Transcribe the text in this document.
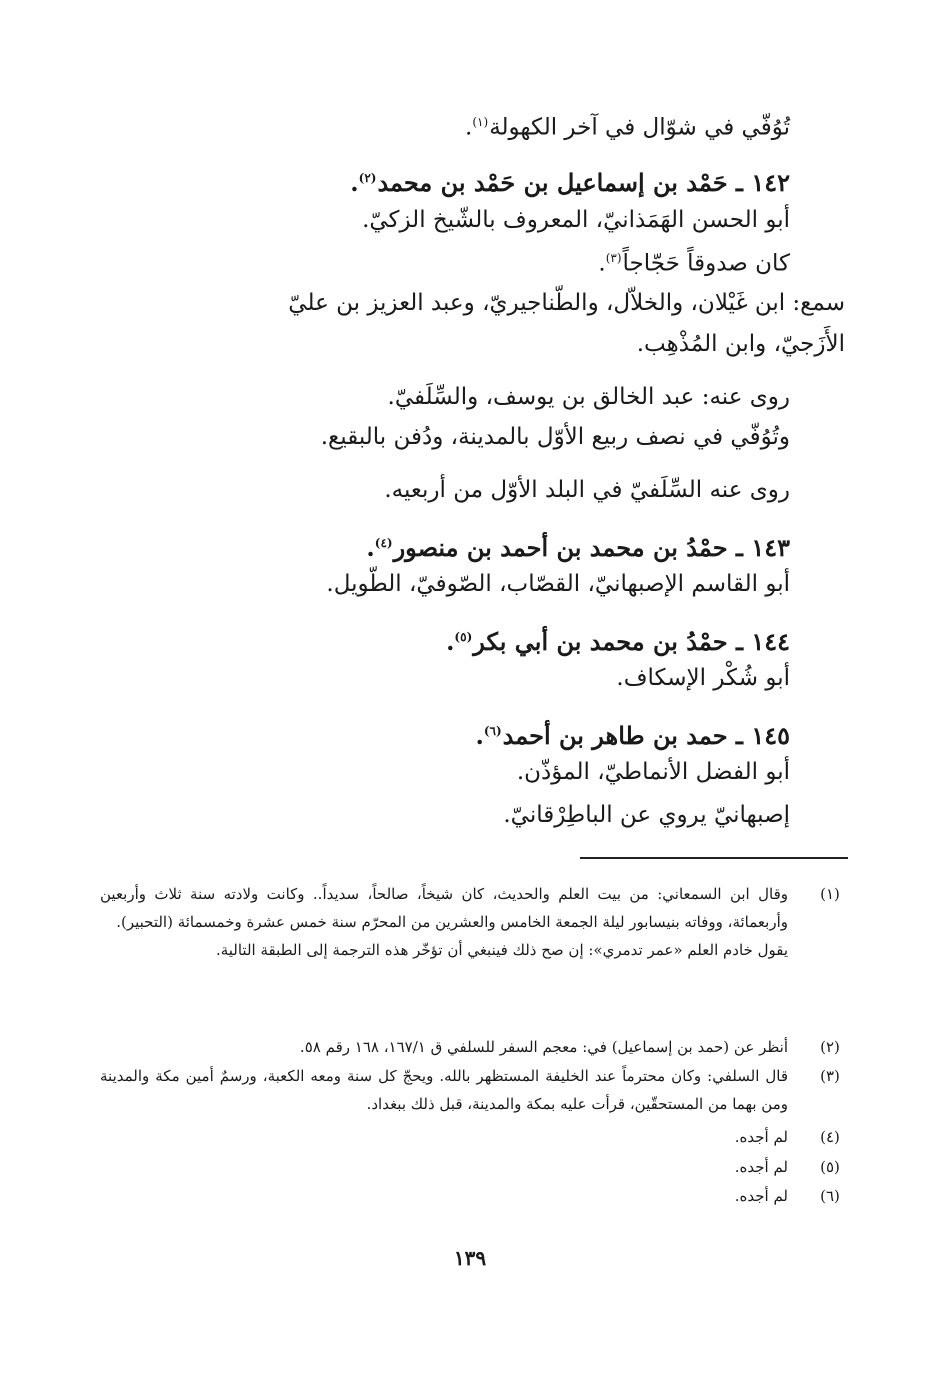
تُوُفّي في شوّال في آخر الكهولة$^{(١)}$.
١٤٢ ـ حَمْد بن إسماعيل بن حَمْد بن محمد$^{(٢)}$.
أبو الحسن الهَمَذانيّ، المعروف بالشّيخ الزكيّ.
كان صدوقاً حَجّاجاً$^{(٣)}$.
سمع: ابن غَيْلان، والخلاّل، والطّناجيريّ، وعبد العزيز بن عليّ
الأَزَجيّ، وابن المُذْهِب.
روى عنه: عبد الخالق بن يوسف، والسِّلَفيّ.
وتُوُفّي في نصف ربيع الأوّل بالمدينة، ودُفن بالبقيع.
روى عنه السِّلَفيّ في البلد الأوّل من أربعيه.
١٤٣ ـ حمْدُ بن محمد بن أحمد بن منصور$^{(٤)}$.
أبو القاسم الإصبهانيّ، القصّاب، الصّوفيّ، الطّويل.
١٤٤ ـ حمْدُ بن محمد بن أبي بكر$^{(٥)}$.
أبو شُكْر الإسكاف.
١٤٥ ـ حمد بن طاهر بن أحمد$^{(٦)}$.
أبو الفضل الأنماطيّ، المؤذّن.
إصبهانيّ يروي عن الباطِرْقانيّ.
(١)
وقال ابن السمعاني: من بيت العلم والحديث، كان شيخاً، صالحاً، سديداً.. وكانت ولادته سنة ثلاث وأربعين وأربعمائة، ووفاته بنيسابور ليلة الجمعة الخامس والعشرين من المحرّم سنة خمس عشرة وخمسمائة (التحبير).
يقول خادم العلم «عمر تدمري»: إن صح ذلك فينبغي أن تؤخّر هذه الترجمة إلى الطبقة التالية.
(٢)
أنظر عن (حمد بن إسماعيل) في: معجم السفر للسلفي ق ١٦٧/١، ١٦٨ رقم ٥٨.
(٣)
قال السلفي: وكان محترماً عند الخليفة المستظهر بالله. ويحجّ كل سنة ومعه الكعبة، ورسمٌ أمين مكة والمدينة ومن بهما من المستحقّين، قرأت عليه بمكة والمدينة، قبل ذلك ببغداد.
(٤)
لم أجده.
(٥)
لم أجده.
(٦)
لم أجده.
١٣٩
